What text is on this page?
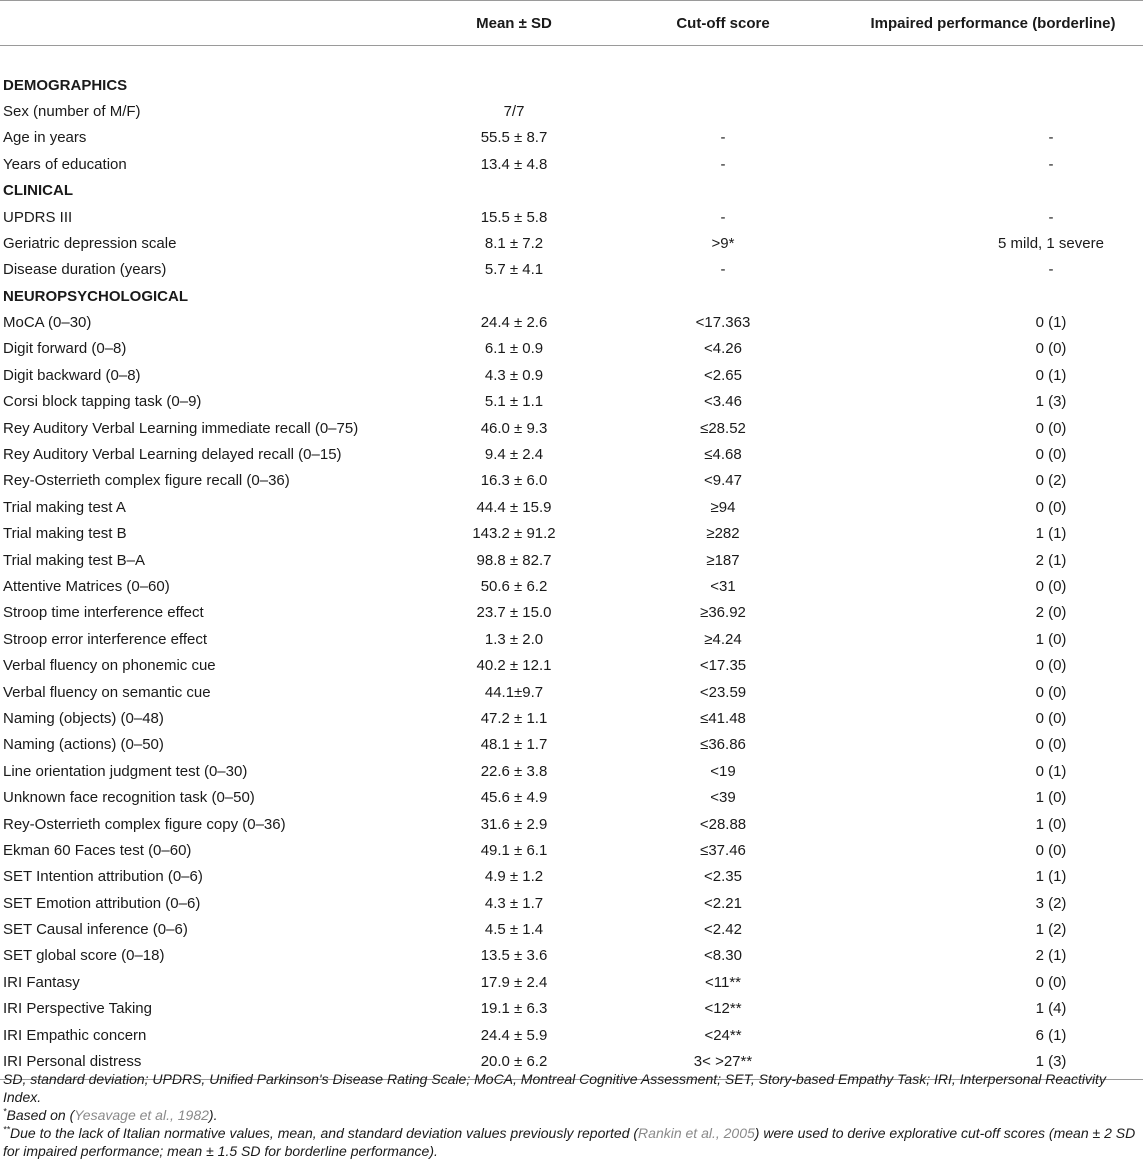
	Mean ± SD	Cut-off score	Impaired performance (borderline)

DEMOGRAPHICS			
Sex (number of M/F)	7/7		
Age in years	55.5 ± 8.7	-	-
Years of education	13.4 ± 4.8	-	-
CLINICAL			
UPDRS III	15.5 ± 5.8	-	-
Geriatric depression scale	8.1 ± 7.2	>9*	5 mild, 1 severe
Disease duration (years)	5.7 ± 4.1	-	-
NEUROPSYCHOLOGICAL			
MoCA (0–30)	24.4 ± 2.6	<17.363	0 (1)
Digit forward (0–8)	6.1 ± 0.9	<4.26	0 (0)
Digit backward (0–8)	4.3 ± 0.9	<2.65	0 (1)
Corsi block tapping task (0–9)	5.1 ± 1.1	<3.46	1 (3)
Rey Auditory Verbal Learning immediate recall (0–75)	46.0 ± 9.3	≤28.52	0 (0)
Rey Auditory Verbal Learning delayed recall (0–15)	9.4 ± 2.4	≤4.68	0 (0)
Rey-Osterrieth complex figure recall (0–36)	16.3 ± 6.0	<9.47	0 (2)
Trial making test A	44.4 ± 15.9	≥94	0 (0)
Trial making test B	143.2 ± 91.2	≥282	1 (1)
Trial making test B–A	98.8 ± 82.7	≥187	2 (1)
Attentive Matrices (0–60)	50.6 ± 6.2	<31	0 (0)
Stroop time interference effect	23.7 ± 15.0	≥36.92	2 (0)
Stroop error interference effect	1.3 ± 2.0	≥4.24	1 (0)
Verbal fluency on phonemic cue	40.2 ± 12.1	<17.35	0 (0)
Verbal fluency on semantic cue	44.1±9.7	<23.59	0 (0)
Naming (objects) (0–48)	47.2 ± 1.1	≤41.48	0 (0)
Naming (actions) (0–50)	48.1 ± 1.7	≤36.86	0 (0)
Line orientation judgment test (0–30)	22.6 ± 3.8	<19	0 (1)
Unknown face recognition task (0–50)	45.6 ± 4.9	<39	1 (0)
Rey-Osterrieth complex figure copy (0–36)	31.6 ± 2.9	<28.88	1 (0)
Ekman 60 Faces test (0–60)	49.1 ± 6.1	≤37.46	0 (0)
SET Intention attribution (0–6)	4.9 ± 1.2	<2.35	1 (1)
SET Emotion attribution (0–6)	4.3 ± 1.7	<2.21	3 (2)
SET Causal inference (0–6)	4.5 ± 1.4	<2.42	1 (2)
SET global score (0–18)	13.5 ± 3.6	<8.30	2 (1)
IRI Fantasy	17.9 ± 2.4	<11**	0 (0)
IRI Perspective Taking	19.1 ± 6.3	<12**	1 (4)
IRI Empathic concern	24.4 ± 5.9	<24**	6 (1)
IRI Personal distress	20.0 ± 6.2	3< >27**	1 (3)

SD, standard deviation; UPDRS, Unified Parkinson's Disease Rating Scale; MoCA, Montreal Cognitive Assessment; SET, Story-based Empathy Task; IRI, Interpersonal Reactivity Index.

*Based on (Yesavage et al., 1982).

**Due to the lack of Italian normative values, mean, and standard deviation values previously reported (Rankin et al., 2005) were used to derive explorative cut-off scores (mean ± 2 SD for impaired performance; mean ± 1.5 SD for borderline performance).
